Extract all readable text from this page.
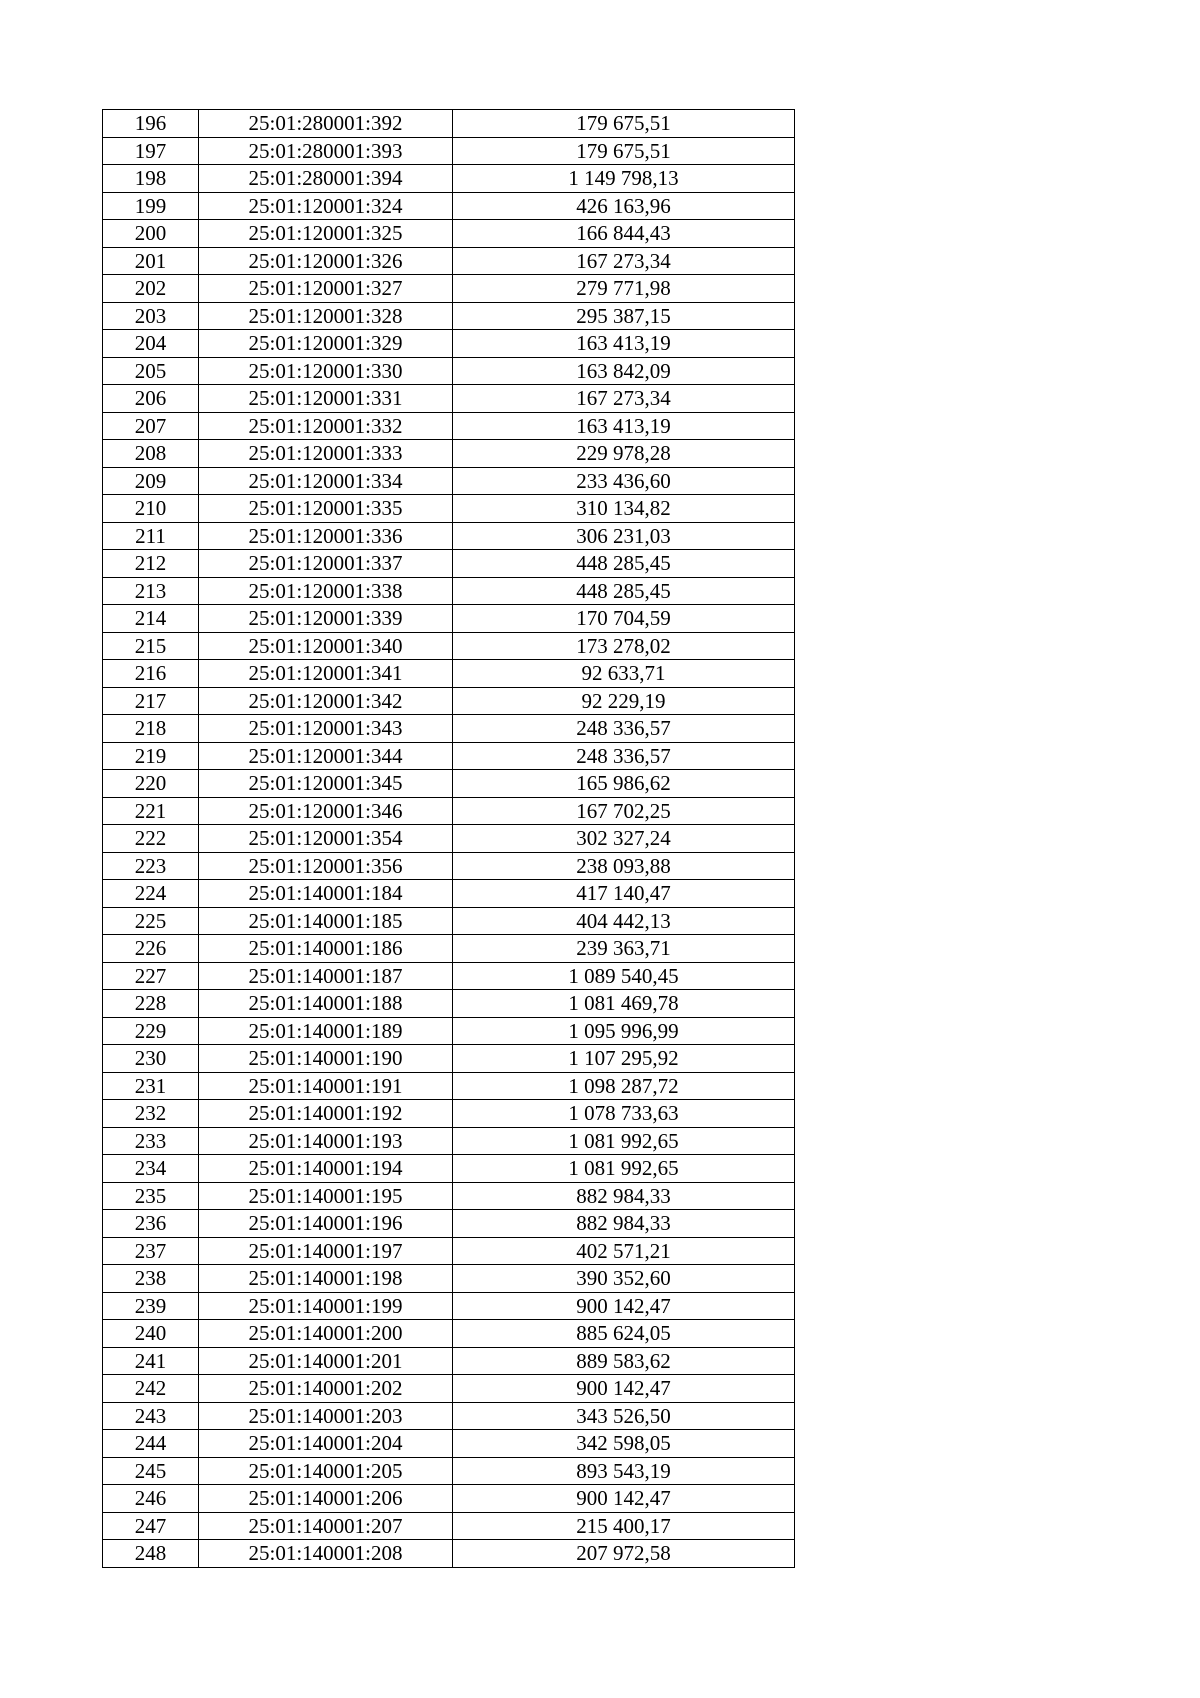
196	25:01:280001:392	179 675,51
197	25:01:280001:393	179 675,51
198	25:01:280001:394	1 149 798,13
199	25:01:120001:324	426 163,96
200	25:01:120001:325	166 844,43
201	25:01:120001:326	167 273,34
202	25:01:120001:327	279 771,98
203	25:01:120001:328	295 387,15
204	25:01:120001:329	163 413,19
205	25:01:120001:330	163 842,09
206	25:01:120001:331	167 273,34
207	25:01:120001:332	163 413,19
208	25:01:120001:333	229 978,28
209	25:01:120001:334	233 436,60
210	25:01:120001:335	310 134,82
211	25:01:120001:336	306 231,03
212	25:01:120001:337	448 285,45
213	25:01:120001:338	448 285,45
214	25:01:120001:339	170 704,59
215	25:01:120001:340	173 278,02
216	25:01:120001:341	92 633,71
217	25:01:120001:342	92 229,19
218	25:01:120001:343	248 336,57
219	25:01:120001:344	248 336,57
220	25:01:120001:345	165 986,62
221	25:01:120001:346	167 702,25
222	25:01:120001:354	302 327,24
223	25:01:120001:356	238 093,88
224	25:01:140001:184	417 140,47
225	25:01:140001:185	404 442,13
226	25:01:140001:186	239 363,71
227	25:01:140001:187	1 089 540,45
228	25:01:140001:188	1 081 469,78
229	25:01:140001:189	1 095 996,99
230	25:01:140001:190	1 107 295,92
231	25:01:140001:191	1 098 287,72
232	25:01:140001:192	1 078 733,63
233	25:01:140001:193	1 081 992,65
234	25:01:140001:194	1 081 992,65
235	25:01:140001:195	882 984,33
236	25:01:140001:196	882 984,33
237	25:01:140001:197	402 571,21
238	25:01:140001:198	390 352,60
239	25:01:140001:199	900 142,47
240	25:01:140001:200	885 624,05
241	25:01:140001:201	889 583,62
242	25:01:140001:202	900 142,47
243	25:01:140001:203	343 526,50
244	25:01:140001:204	342 598,05
245	25:01:140001:205	893 543,19
246	25:01:140001:206	900 142,47
247	25:01:140001:207	215 400,17
248	25:01:140001:208	207 972,58
